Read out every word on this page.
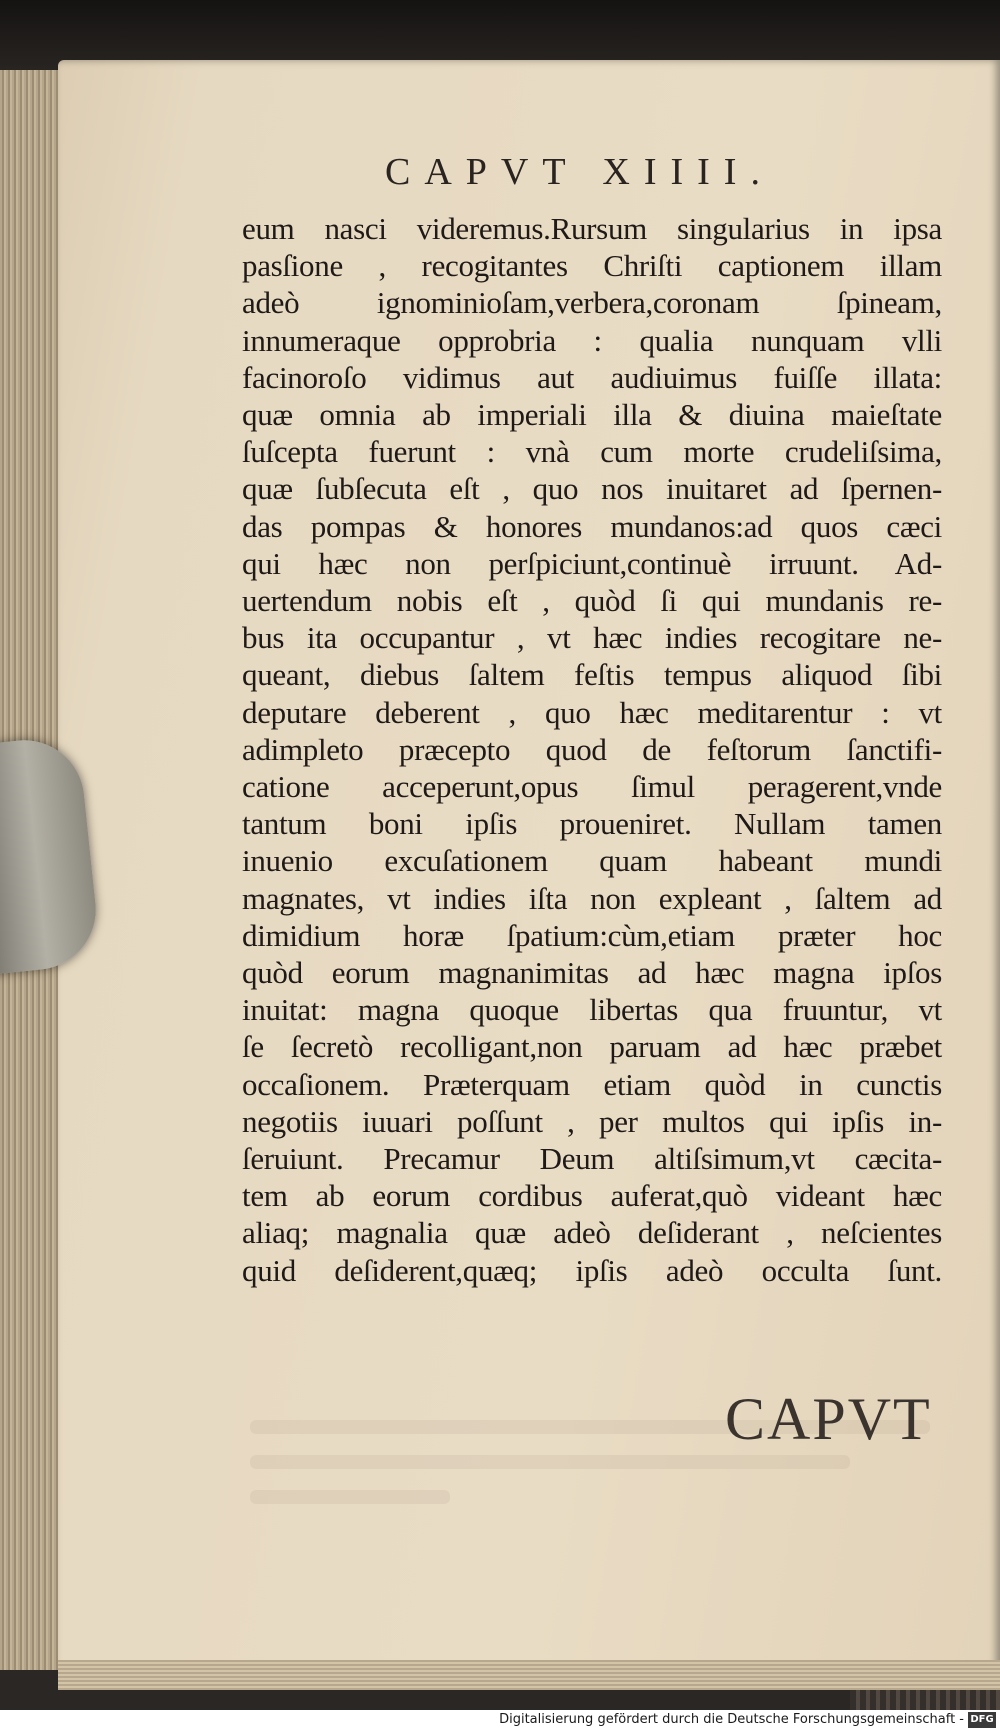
CAPVT XIIII.
eum nasci videremus.Rursum singularius in ipsa
pasſione , recogitantes Chriſti captionem illam
adeò ignominioſam,verbera,coronam ſpineam,
innumeraque opprobria : qualia nunquam vlli
facinoroſo vidimus aut audiuimus fuiſſe illata:
quæ omnia ab imperiali illa & diuina maieſtate
ſuſcepta fuerunt : vnà cum morte crudeliſsima,
quæ ſubſecuta eſt , quo nos inuitaret ad ſpernen-
das pompas & honores mundanos:ad quos cæci
qui hæc non perſpiciunt,continuè irruunt. Ad-
uertendum nobis eſt , quòd ſi qui mundanis re-
bus ita occupantur , vt hæc indies recogitare ne-
queant, diebus ſaltem feſtis tempus aliquod ſibi
deputare deberent , quo hæc meditarentur : vt
adimpleto præcepto quod de feſtorum ſanctifi-
catione acceperunt,opus ſimul peragerent,vnde
tantum boni ipſis proueniret. Nullam tamen
inuenio excuſationem quam habeant mundi
magnates, vt indies iſta non expleant , ſaltem ad
dimidium horæ ſpatium:cùm,etiam præter hoc
quòd eorum magnanimitas ad hæc magna ipſos
inuitat: magna quoque libertas qua fruuntur, vt
ſe ſecretò recolligant,non paruam ad hæc præbet
occaſionem. Præterquam etiam quòd in cunctis
negotiis iuuari poſſunt , per multos qui ipſis in-
ſeruiunt. Precamur Deum altiſsimum,vt cæcita-
tem ab eorum cordibus auferat,quò videant hæc
aliaq; magnalia quæ adeò deſiderant , neſcientes
quid deſiderent,quæq; ipſis adeò occulta ſunt.
CAPVT
Digitalisierung gefördert durch die Deutsche Forschungsgemeinschaft - DFG
